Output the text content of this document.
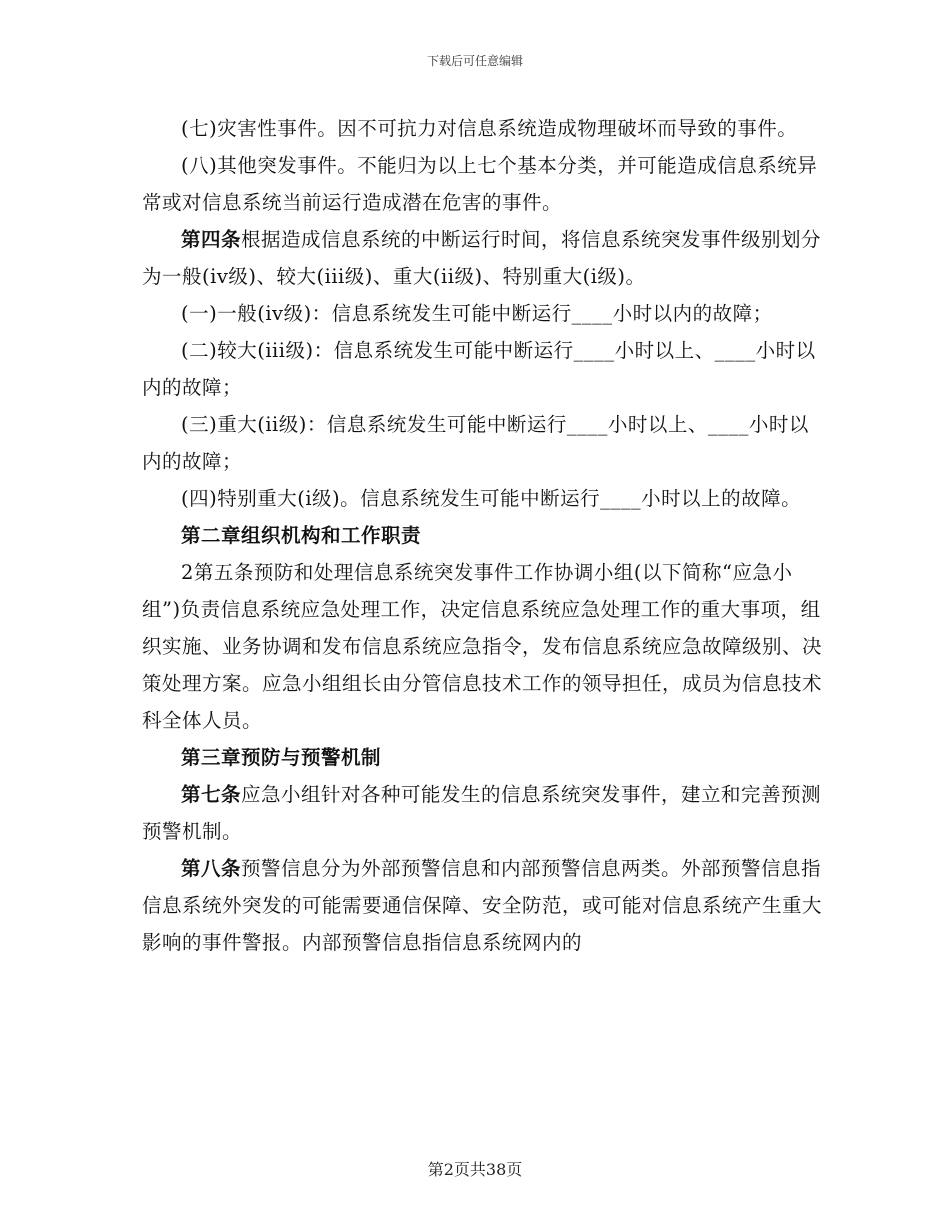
下载后可任意编辑

(七)灾害性事件。因不可抗力对信息系统造成物理破坏而导致的事件。

(八)其他突发事件。不能归为以上七个基本分类，并可能造成信息系统异常或对信息系统当前运行造成潜在危害的事件。

第四条根据造成信息系统的中断运行时间，将信息系统突发事件级别划分为一般(iv级)、较大(iii级)、重大(ii级)、特别重大(i级)。

(一)一般(iv级)：信息系统发生可能中断运行____小时以内的故障；

(二)较大(iii级)：信息系统发生可能中断运行____小时以上、____小时以内的故障；

(三)重大(ii级)：信息系统发生可能中断运行____小时以上、____小时以内的故障；

(四)特别重大(i级)。信息系统发生可能中断运行____小时以上的故障。

第二章组织机构和工作职责

2第五条预防和处理信息系统突发事件工作协调小组(以下简称“应急小组”)负责信息系统应急处理工作，决定信息系统应急处理工作的重大事项，组织实施、业务协调和发布信息系统应急指令，发布信息系统应急故障级别、决策处理方案。应急小组组长由分管信息技术工作的领导担任，成员为信息技术科全体人员。

第三章预防与预警机制

第七条应急小组针对各种可能发生的信息系统突发事件，建立和完善预测预警机制。

第八条预警信息分为外部预警信息和内部预警信息两类。外部预警信息指信息系统外突发的可能需要通信保障、安全防范，或可能对信息系统产生重大影响的事件警报。内部预警信息指信息系统网内的

第2页共38页
